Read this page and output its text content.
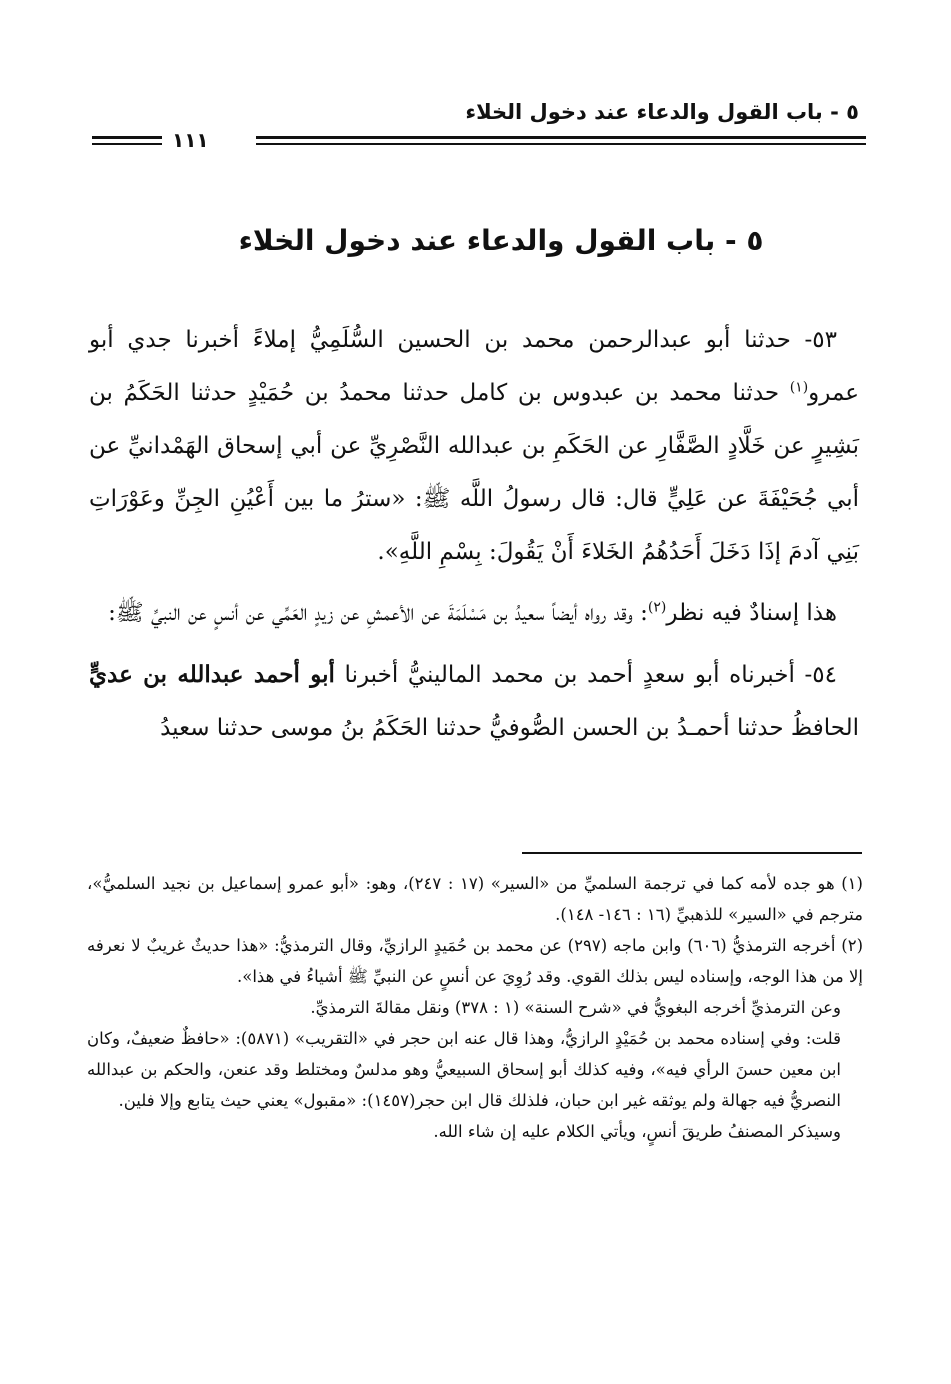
٥ - باب القول والدعاء عند دخول الخلاء
١١١
٥ - باب القول والدعاء عند دخول الخلاء

٥٣- حدثنا أبو عبدالرحمن محمد بن الحسين السُّلَمِيُّ إملاءً أخبرنا جدي أبو عمرو$^{(١)}$ حدثنا محمد بن عبدوس بن كامل حدثنا محمدُ بن حُمَيْدٍ حدثنا الحَكَمُ بن بَشِيرٍ عن خَلَّادٍ الصَّفَّارِ عن الحَكَمِ بن عبدالله النَّصْرِيِّ عن أبي إسحاق الهَمْدانيِّ عن أبي جُحَيْفَةَ عن عَلِيٍّ قال: قال رسولُ اللَّه ﷺ: «سترُ ما بين أَعْيُنِ الجِنِّ وعَوْرَاتِ بَنِي آدمَ إذَا دَخَلَ أَحَدُهُمُ الخَلاءَ أَنْ يَقُولَ: بِسْمِ اللَّهِ».

هذا إسنادٌ فيه نظر$^{(٢)}$: وقد رواه أيضاً سعيدُ بن مَسْلَمَةَ عن الأعمشِ عن زيدٍ العَمِّي عن أنسٍ عن النبيِّ ﷺ:

٥٤- أخبرناه أبو سعدٍ أحمد بن محمد المالينيُّ أخبرنا أبو أحمد عبدالله بن عديٍّ الحافظُ حدثنا أحمـدُ بن الحسن الصُّوفيُّ حدثنا الحَكَمُ بنُ موسى حدثنا سعيدُ

(١) هو جده لأمه كما في ترجمة السلميِّ من «السير» (١٧ : ٢٤٧)، وهو: «أبو عمرو إسماعيل بن نجيد السلميُّ»، مترجم في «السير» للذهبيِّ (١٦ : ١٤٦- ١٤٨).

(٢) أخرجه الترمذيُّ (٦٠٦) وابن ماجه (٢٩٧) عن محمد بن حُمَيدٍ الرازيِّ، وقال الترمذيُّ: «هذا حديثٌ غريبٌ لا نعرفه إلا من هذا الوجه، وإسناده ليس بذلك القوي. وقد رُوِيَ عن أنسٍ عن النبيِّ ﷺ أشياءُ في هذا».

وعن الترمذيِّ أخرجه البغويُّ في «شرح السنة» (١ : ٣٧٨) ونقل مقالةَ الترمذيِّ.

قلت: وفي إسناده محمد بن حُمَيْدٍ الرازيُّ، وهذا قال عنه ابن حجر في «التقريب» (٥٨٧١): «حافظٌ ضعيفٌ، وكان ابن معين حسنَ الرأي فيه»، وفيه كذلك أبو إسحاق السبيعيُّ وهو مدلسٌ ومختلط وقد عنعن، والحكم بن عبدالله النصريُّ فيه جهالة ولم يوثقه غير ابن حبان، فلذلك قال ابن حجر(١٤٥٧): «مقبول» يعني حيث يتابع وإلا فلين.

وسيذكر المصنفُ طريقَ أنسٍ، ويأتي الكلام عليه إن شاء الله.
